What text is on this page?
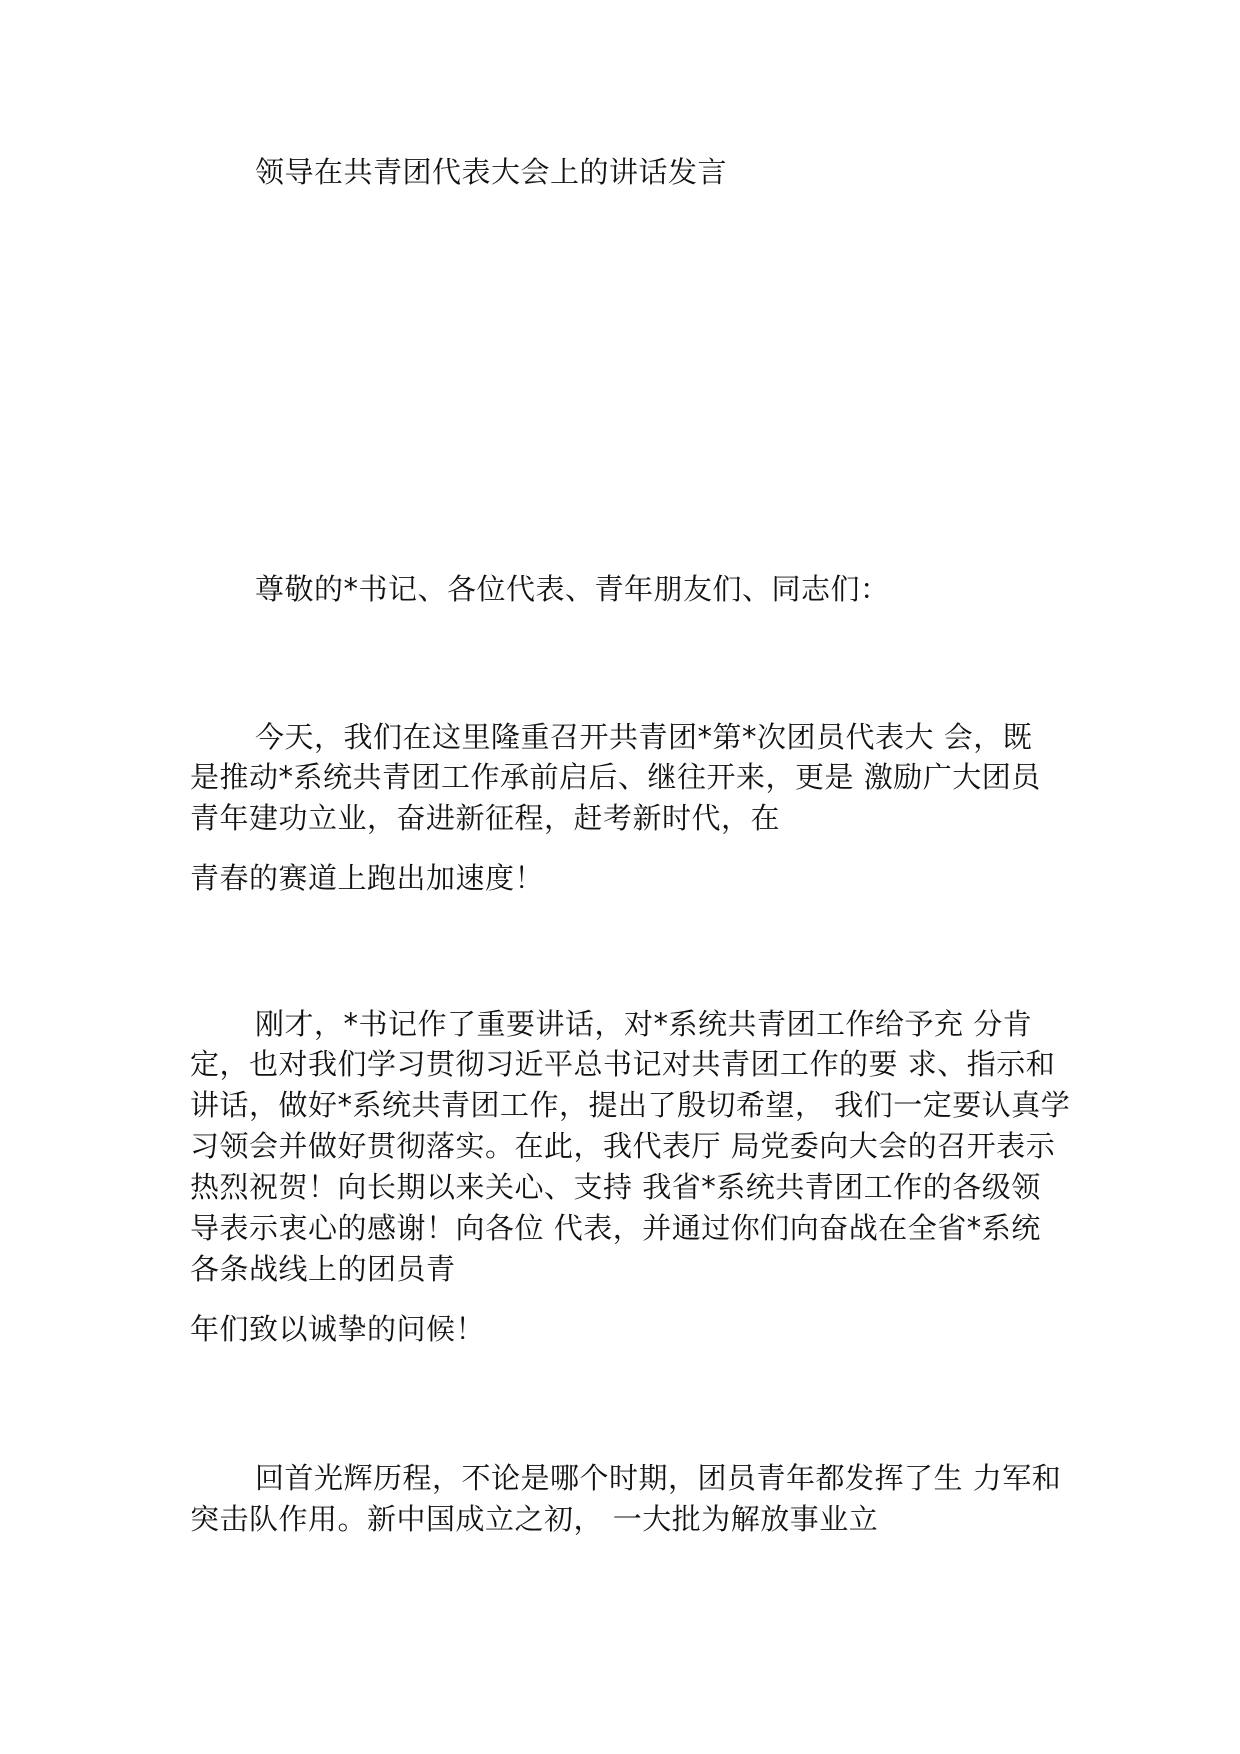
领导在共青团代表大会上的讲话发言
尊敬的*书记、各位代表、青年朋友们、同志们：
今天，我们在这里隆重召开共青团*第*次团员代表大 会，既
是推动*系统共青团工作承前启后、继往开来，更是 激励广大团员
青年建功立业，奋进新征程，赶考新时代，在
青春的赛道上跑出加速度！
刚才，*书记作了重要讲话，对*系统共青团工作给予充 分肯
定，也对我们学习贯彻习近平总书记对共青团工作的要 求、指示和
讲话，做好*系统共青团工作，提出了殷切希望， 我们一定要认真学
习领会并做好贯彻落实。在此，我代表厅 局党委向大会的召开表示
热烈祝贺！向长期以来关心、支持 我省*系统共青团工作的各级领
导表示衷心的感谢！向各位 代表，并通过你们向奋战在全省*系统
各条战线上的团员青
年们致以诚挚的问候！
回首光辉历程，不论是哪个时期，团员青年都发挥了生 力军和
突击队作用。新中国成立之初， 一大批为解放事业立
